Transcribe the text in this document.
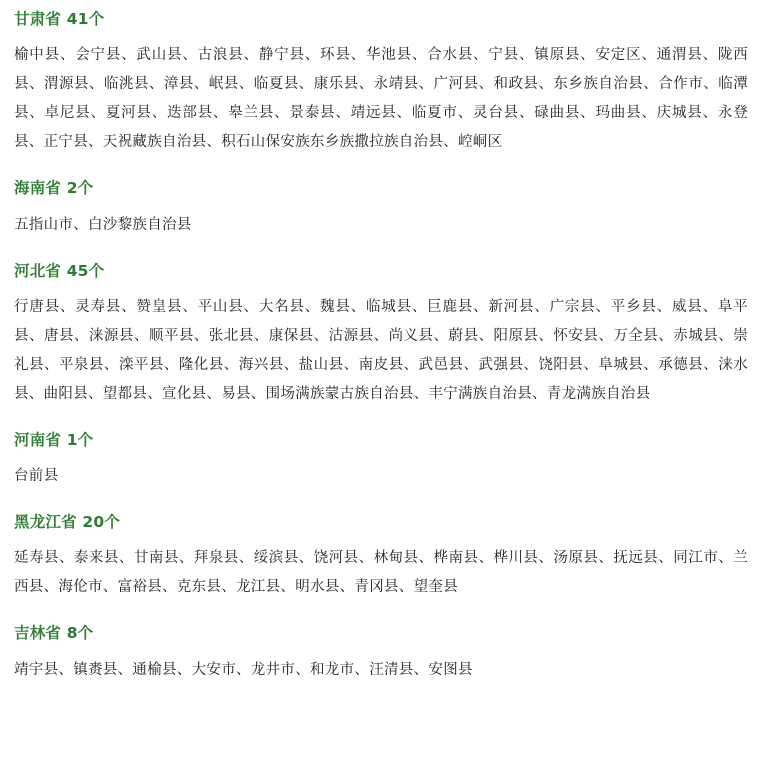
甘肃省 41个
榆中县、会宁县、武山县、古浪县、静宁县、环县、华池县、合水县、宁县、镇原县、安定区、通渭县、陇西县、渭源县、临洮县、漳县、岷县、临夏县、康乐县、永靖县、广河县、和政县、东乡族自治县、合作市、临潭县、卓尼县、夏河县、迭部县、皋兰县、景泰县、靖远县、临夏市、灵台县、碌曲县、玛曲县、庆城县、永登县、正宁县、天祝藏族自治县、积石山保安族东乡族撒拉族自治县、崆峒区
海南省 2个
五指山市、白沙黎族自治县
河北省 45个
行唐县、灵寿县、赞皇县、平山县、大名县、魏县、临城县、巨鹿县、新河县、广宗县、平乡县、威县、阜平县、唐县、涞源县、顺平县、张北县、康保县、沽源县、尚义县、蔚县、阳原县、怀安县、万全县、赤城县、崇礼县、平泉县、滦平县、隆化县、海兴县、盐山县、南皮县、武邑县、武强县、饶阳县、阜城县、承德县、涞水县、曲阳县、望都县、宣化县、易县、围场满族蒙古族自治县、丰宁满族自治县、青龙满族自治县
河南省 1个
台前县
黑龙江省 20个
延寿县、泰来县、甘南县、拜泉县、绥滨县、饶河县、林甸县、桦南县、桦川县、汤原县、抚远县、同江市、兰西县、海伦市、富裕县、克东县、龙江县、明水县、青冈县、望奎县
吉林省 8个
靖宇县、镇赉县、通榆县、大安市、龙井市、和龙市、汪清县、安图县
